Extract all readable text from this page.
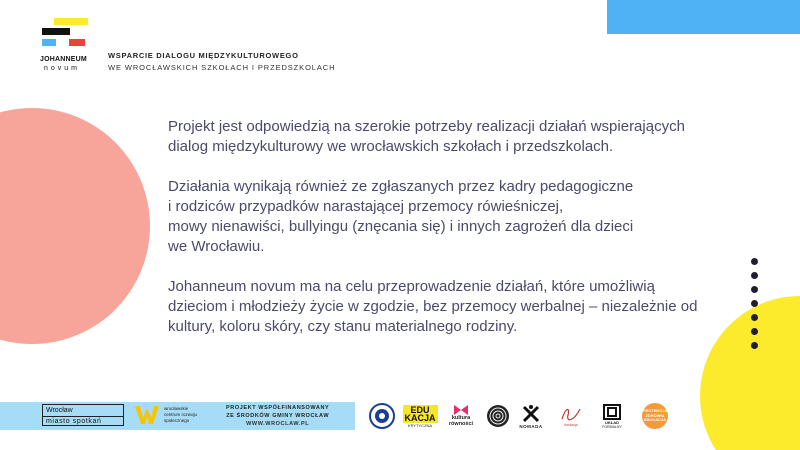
JOHANNEUM
novum
WSPARCIE DIALOGU MIĘDZYKULTUROWEGO
WE WROCŁAWSKICH SZKOŁACH I PRZEDSZKOLACH

Projekt jest odpowiedzią na szerokie potrzeby realizacji działań wspierających
dialog międzykulturowy we wrocławskich szkołach i przedszkolach.

Działania wynikają również ze zgłaszanych przez kadry pedagogiczne
i rodziców przypadków narastającej przemocy rówieśniczej,
mowy nienawiści, bullyingu (znęcania się) i innych zagrożeń dla dzieci
we Wrocławiu.

Johanneum novum ma na celu przeprowadzenie działań, które umożliwią
dzieciom i młodzieży życie w zgodzie, bez przemocy werbalnej – niezależnie od
kultury, koloru skóry, czy stanu materialnego rodziny.

Wrocław
miasto spotkań
wrocławskie
centrum rozwoju
społecznego
PROJEKT WSPÓŁFINANSOWANY
ZE ŚRODKÓW GMINY WROCŁAW
WWW.WROCLAW.PL
EDU
KACJA
KRYTYCZNA
kultura
równości	NOMADA	fundacja
UKŁAD
FORMALNY
PROTEKCJA ZDROWIA EDUKACJA
